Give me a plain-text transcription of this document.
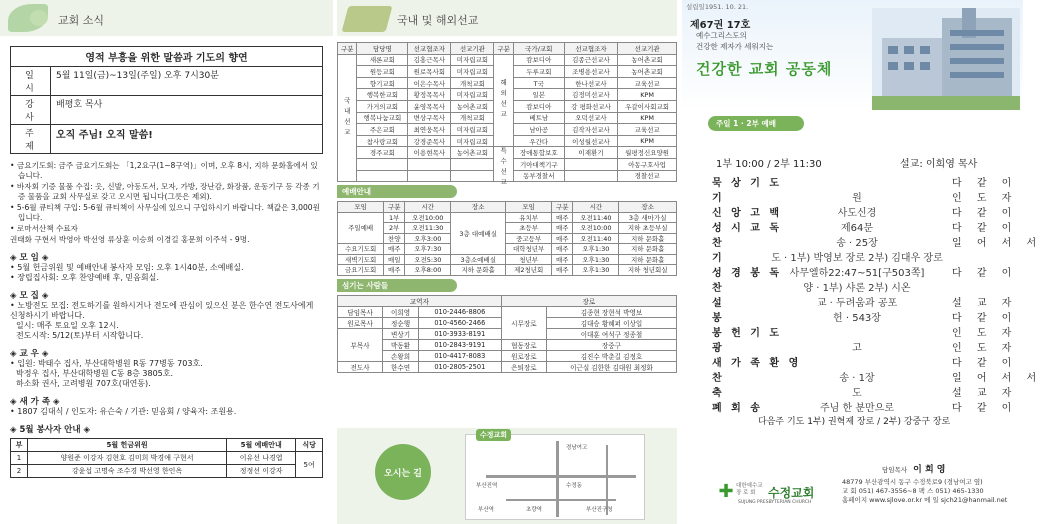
교회 소식
영적 부흥을 위한 말씀과 기도의 향연
일 시
5월 11일(금)~13일(주일) 오후 7시30분
강 사
배평호 목사
주 제
오직 주님! 오직 말씀!
• 금요기도회: 금주 금요기도회는 「1,2요구(1~8구역)」이며, 오후 8시, 지하 문화홀에서 있습니다.
• 바자회 기증 물품 수집: 옷, 신발, 아동도서, 모자, 가방, 장난감, 화장품, 운동기구 등 각종 기증 물품을 교회 사무실로 갖고 오시면 됩니다(그릇은 제외).
• 5-6월 큐티책 구입: 5-6월 큐티책이 사무실에 있으니 구입하시기 바랍니다. 책값은 3,000원입니다.
• 로마서산책 수료자
권태화 구현서 박영아 박선영 류상훈 이승희 이경길 홍문희 이주석 - 9명.
◈ 모 임 ◈
• 5월 헌금위원 및 예배안내 봉사자 모임: 오후 1시40분, 소예배실.
• 장립집사회: 오후 찬양예배 후, 믿음회실.
◈ 모 집 ◈
• 노방전도 모집: 전도하기를 원하시거나 전도에 관심이 있으신 분은 한수연 전도사에게 신청하시기 바랍니다.
일시: 매주 토요일 오후 12시.
전도시작: 5/12(토)부터 시작합니다.
◈ 교 우 ◈
• 입원: 박태수 집사, 부산대학병원 R동 77병동 703호.
박정우 집사, 부산대학병원 C동 8층 3805호.
하소화 권사, 고려병원 707호(대연동).
◈ 새 가 족 ◈
• 1807 김대식 / 인도자: 유슨숙 / 기관: 믿음회 / 양육자: 조원용.
◈ 5월 봉사자 안내 ◈
부	5월 헌금위원	5월 예배안내	식당
1	양원준 이강자 김현호 김미희 박경애 구현서	이유선 나경엽	5여
2	강윤섭 고명숙 조수경 박선영 한인옥	정정선 이강자	
국내 및 해외선교
구분	담당명	선교협조자	선교기관	구분	국가/교회	선교협조자	선교기관
국내선교	새론교회	김홍근목사	미자립교회	해외선교	캄보디아	김종근선교사	농어촌교회
	원등교회	원로목사회	미자립교회		두루교회	조병용선교사	농어촌교회
	향기교회	이은수목사	개척교회		T국	한나선교사	교육선교
	행복한교회	황정목목사	미자립교회		일본	김정미선교사	KPM
	가거의교회	윤영목목사	농어촌교회		캄보디아	강 평화선교사	우갈이사회교회
	행복나눔교회	변상구목사	개척교회		베트남	오덕선교사	KPM
	주은교회	최연웅목사	미자립교회		남아공	김작자선교사	교육선교
	참사랑교회	강경준목사	미자립교회		우간다	이성월선교사	KPM
	경주교회	이용현목사	농어촌교회	특수선교	장애통합보호	이재환기	월평정신요양원
					기아대책기구		아동구호사업
					동부경찰서		경찰선교
예배안내
모임	구분	시간	장소	모임	구분	시간	장소
주일예배	1부	오전10:00	3층 대예배실	유치부	매주	오전11:40	3층 새마가실
	2부	오전11:30		초등부	매주	오전10:00	지하 초등부실
	찬양	오후3:00		중고등부	매주	오전11:40	지하 문화홀
수요기도회	매주	오후7:30		대학청년부	매주	오후1:30	지하 문화홀
새벽기도회	매일	오전5:30	3층소예배실	청년부	매주	오후1:30	지하 문화홀
금요기도회	매주	오후8:00	지하 문화홀	제2청년회	매주	오후1:30	지하 청년회실
섬기는 사람들
교역자			장로	
담임목사	이희영	010-2446-8806	시무장로	김종현 장현석 박영보
원로목사	정순행	010-4560-2466		김대승 황혜퍼 이상일
부목사	변상기	010-3933-8191		이대훈 여석구 정종철
	박동환	010-2843-9191	협동장로	장중구
	손왕희	010-4417-8083	원로장로	김진수 박춘길 김정호
전도사	한수연	010-2805-2501	은퇴장로	이근실 김한한 김대원 최정화
오시는 길
수정교회
경남여고
부산진역
초량역
부산역
수정동
부산진구청
설립일1951. 10. 21.
제67권 17호
예수그리스도의
건강한 제자가 세워지는
건강한 교회 공동체
주일 1 · 2부 예배
1부 10:00 / 2부 11:30	설교: 이희영 목사
묵 상 기 도	다 같 이
기	원	인 도 자
신 앙 고 백	사도신경	다 같 이
성 시 교 독	제64문	다 같 이
찬	송 · 25장	일 어 서 서
기	도 · 1부) 박영보 장로 2부) 김대우 장로
성 경 봉 독 사무엘하22:47~51[구503쪽]	다 같 이
찬	양 · 1부) 샤론 2부) 시온
설	교 · 두려움과 공포	설 교 자
봉	헌 · 543장	다 같 이
봉 헌 기 도	인 도 자
광	고	인 도 자
새 가 족 환 영	다 같 이
찬	송 · 1장	일 어 서 서
축	도	설 교 자
폐 회 송	주님 한 분만으로	다 같 이
다음주 기도 1부) 권혁제 장로 / 2부) 강중구 장로
담임목사 이 희 영
✚ 대한예수교
장 로 회	수정교회
SUJUNG PRESBYTERIAN CHURCH
48779 부산광역시 동구 수정북로9 (경남여고 옆)
교 회 051) 467-3556~8 팩 스 051) 465-1330
홈페이지 www.sjlove.or.kr 메 일 sjch21@hanmail.net
